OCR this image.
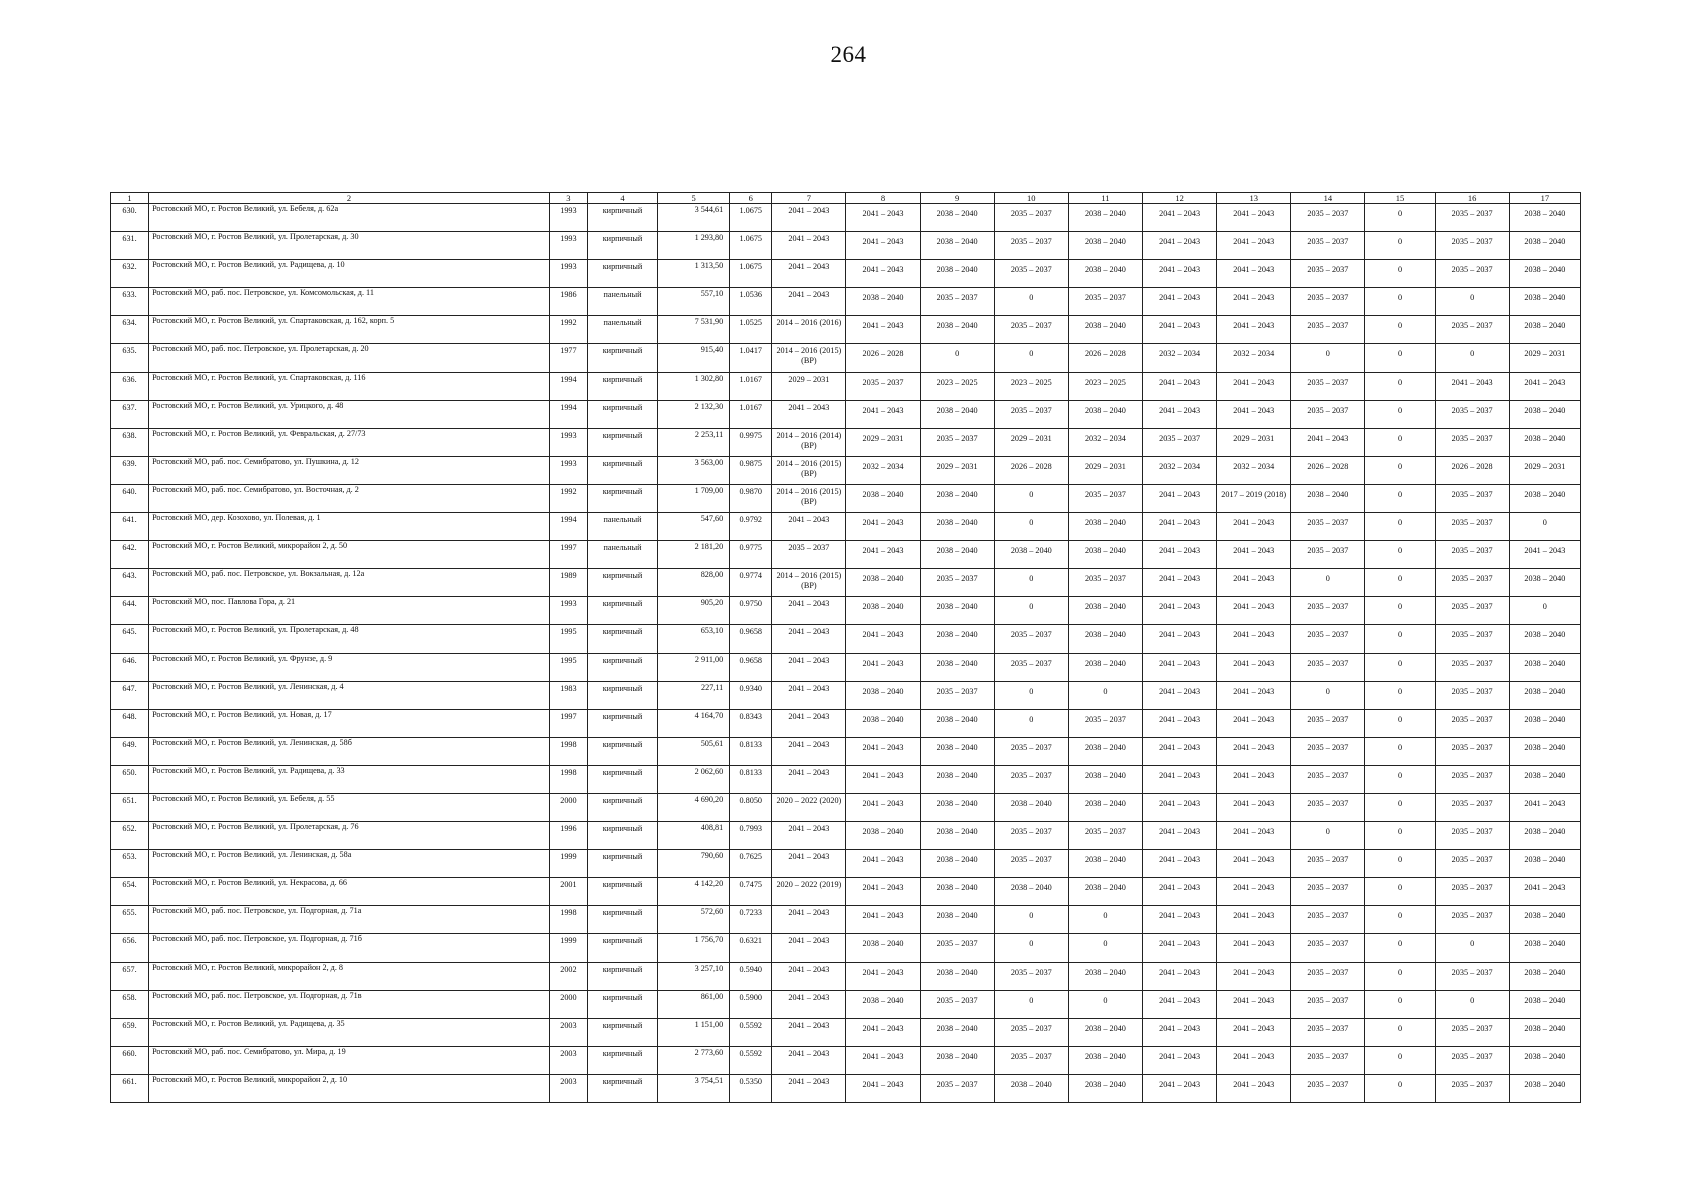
264
1	2	3	4	5	6	7	8	9	10	11	12	13	14	15	16	17
630.	Ростовский МО, г. Ростов Великий, ул. Бебеля, д. 62а	1993	кирпичный	3 544,61	1.0675	2041 – 2043	2041 – 2043	2038 – 2040	2035 – 2037	2038 – 2040	2041 – 2043	2041 – 2043	2035 – 2037	0	2035 – 2037	2038 – 2040
631.	Ростовский МО, г. Ростов Великий, ул. Пролетарская, д. 30	1993	кирпичный	1 293,80	1.0675	2041 – 2043	2041 – 2043	2038 – 2040	2035 – 2037	2038 – 2040	2041 – 2043	2041 – 2043	2035 – 2037	0	2035 – 2037	2038 – 2040
632.	Ростовский МО, г. Ростов Великий, ул. Радищева, д. 10	1993	кирпичный	1 313,50	1.0675	2041 – 2043	2041 – 2043	2038 – 2040	2035 – 2037	2038 – 2040	2041 – 2043	2041 – 2043	2035 – 2037	0	2035 – 2037	2038 – 2040
633.	Ростовский МО, раб. пос. Петровское, ул. Комсомольская, д. 11	1986	панельный	557,10	1.0536	2041 – 2043	2038 – 2040	2035 – 2037	0	2035 – 2037	2041 – 2043	2041 – 2043	2035 – 2037	0	0	2038 – 2040
634.	Ростовский МО, г. Ростов Великий, ул. Спартаковская, д. 162, корп. 5	1992	панельный	7 531,90	1.0525	2014 – 2016 (2016)	2041 – 2043	2038 – 2040	2035 – 2037	2038 – 2040	2041 – 2043	2041 – 2043	2035 – 2037	0	2035 – 2037	2038 – 2040
635.	Ростовский МО, раб. пос. Петровское, ул. Пролетарская, д. 20	1977	кирпичный	915,40	1.0417	2014 – 2016 (2015) (ВР)	2026 – 2028	0	0	2026 – 2028	2032 – 2034	2032 – 2034	0	0	0	2029 – 2031
636.	Ростовский МО, г. Ростов Великий, ул. Спартаковская, д. 116	1994	кирпичный	1 302,80	1.0167	2029 – 2031	2035 – 2037	2023 – 2025	2023 – 2025	2023 – 2025	2041 – 2043	2041 – 2043	2035 – 2037	0	2041 – 2043	2041 – 2043
637.	Ростовский МО, г. Ростов Великий, ул. Урицкого, д. 48	1994	кирпичный	2 132,30	1.0167	2041 – 2043	2041 – 2043	2038 – 2040	2035 – 2037	2038 – 2040	2041 – 2043	2041 – 2043	2035 – 2037	0	2035 – 2037	2038 – 2040
638.	Ростовский МО, г. Ростов Великий, ул. Февральская, д. 27/73	1993	кирпичный	2 253,11	0.9975	2014 – 2016 (2014) (ВР)	2029 – 2031	2035 – 2037	2029 – 2031	2032 – 2034	2035 – 2037	2029 – 2031	2041 – 2043	0	2035 – 2037	2038 – 2040
639.	Ростовский МО, раб. пос. Семибратово, ул. Пушкина, д. 12	1993	кирпичный	3 563,00	0.9875	2014 – 2016 (2015) (ВР)	2032 – 2034	2029 – 2031	2026 – 2028	2029 – 2031	2032 – 2034	2032 – 2034	2026 – 2028	0	2026 – 2028	2029 – 2031
640.	Ростовский МО, раб. пос. Семибратово, ул. Восточная, д. 2	1992	кирпичный	1 709,00	0.9870	2014 – 2016 (2015) (ВР)	2038 – 2040	2038 – 2040	0	2035 – 2037	2041 – 2043	2017 – 2019 (2018)	2038 – 2040	0	2035 – 2037	2038 – 2040
641.	Ростовский МО, дер. Козохово, ул. Полевая, д. 1	1994	панельный	547,60	0.9792	2041 – 2043	2041 – 2043	2038 – 2040	0	2038 – 2040	2041 – 2043	2041 – 2043	2035 – 2037	0	2035 – 2037	0
642.	Ростовский МО, г. Ростов Великий, микрорайон 2, д. 50	1997	панельный	2 181,20	0.9775	2035 – 2037	2041 – 2043	2038 – 2040	2038 – 2040	2038 – 2040	2041 – 2043	2041 – 2043	2035 – 2037	0	2035 – 2037	2041 – 2043
643.	Ростовский МО, раб. пос. Петровское, ул. Вокзальная, д. 12а	1989	кирпичный	828,00	0.9774	2014 – 2016 (2015) (ВР)	2038 – 2040	2035 – 2037	0	2035 – 2037	2041 – 2043	2041 – 2043	0	0	2035 – 2037	2038 – 2040
644.	Ростовский МО, пос. Павлова Гора, д. 21	1993	кирпичный	905,20	0.9750	2041 – 2043	2038 – 2040	2038 – 2040	0	2038 – 2040	2041 – 2043	2041 – 2043	2035 – 2037	0	2035 – 2037	0
645.	Ростовский МО, г. Ростов Великий, ул. Пролетарская, д. 48	1995	кирпичный	653,10	0.9658	2041 – 2043	2041 – 2043	2038 – 2040	2035 – 2037	2038 – 2040	2041 – 2043	2041 – 2043	2035 – 2037	0	2035 – 2037	2038 – 2040
646.	Ростовский МО, г. Ростов Великий, ул. Фрунзе, д. 9	1995	кирпичный	2 911,00	0.9658	2041 – 2043	2041 – 2043	2038 – 2040	2035 – 2037	2038 – 2040	2041 – 2043	2041 – 2043	2035 – 2037	0	2035 – 2037	2038 – 2040
647.	Ростовский МО, г. Ростов Великий, ул. Ленинская, д. 4	1983	кирпичный	227,11	0.9340	2041 – 2043	2038 – 2040	2035 – 2037	0	0	2041 – 2043	2041 – 2043	0	0	2035 – 2037	2038 – 2040
648.	Ростовский МО, г. Ростов Великий, ул. Новая, д. 17	1997	кирпичный	4 164,70	0.8343	2041 – 2043	2038 – 2040	2038 – 2040	0	2035 – 2037	2041 – 2043	2041 – 2043	2035 – 2037	0	2035 – 2037	2038 – 2040
649.	Ростовский МО, г. Ростов Великий, ул. Ленинская, д. 58б	1998	кирпичный	505,61	0.8133	2041 – 2043	2041 – 2043	2038 – 2040	2035 – 2037	2038 – 2040	2041 – 2043	2041 – 2043	2035 – 2037	0	2035 – 2037	2038 – 2040
650.	Ростовский МО, г. Ростов Великий, ул. Радищева, д. 33	1998	кирпичный	2 062,60	0.8133	2041 – 2043	2041 – 2043	2038 – 2040	2035 – 2037	2038 – 2040	2041 – 2043	2041 – 2043	2035 – 2037	0	2035 – 2037	2038 – 2040
651.	Ростовский МО, г. Ростов Великий, ул. Бебеля, д. 55	2000	кирпичный	4 690,20	0.8050	2020 – 2022 (2020)	2041 – 2043	2038 – 2040	2038 – 2040	2038 – 2040	2041 – 2043	2041 – 2043	2035 – 2037	0	2035 – 2037	2041 – 2043
652.	Ростовский МО, г. Ростов Великий, ул. Пролетарская, д. 76	1996	кирпичный	408,81	0.7993	2041 – 2043	2038 – 2040	2038 – 2040	2035 – 2037	2035 – 2037	2041 – 2043	2041 – 2043	0	0	2035 – 2037	2038 – 2040
653.	Ростовский МО, г. Ростов Великий, ул. Ленинская, д. 58а	1999	кирпичный	790,60	0.7625	2041 – 2043	2041 – 2043	2038 – 2040	2035 – 2037	2038 – 2040	2041 – 2043	2041 – 2043	2035 – 2037	0	2035 – 2037	2038 – 2040
654.	Ростовский МО, г. Ростов Великий, ул. Некрасова, д. 66	2001	кирпичный	4 142,20	0.7475	2020 – 2022 (2019)	2041 – 2043	2038 – 2040	2038 – 2040	2038 – 2040	2041 – 2043	2041 – 2043	2035 – 2037	0	2035 – 2037	2041 – 2043
655.	Ростовский МО, раб. пос. Петровское, ул. Подгорная, д. 71а	1998	кирпичный	572,60	0.7233	2041 – 2043	2041 – 2043	2038 – 2040	0	0	2041 – 2043	2041 – 2043	2035 – 2037	0	2035 – 2037	2038 – 2040
656.	Ростовский МО, раб. пос. Петровское, ул. Подгорная, д. 71б	1999	кирпичный	1 756,70	0.6321	2041 – 2043	2038 – 2040	2035 – 2037	0	0	2041 – 2043	2041 – 2043	2035 – 2037	0	0	2038 – 2040
657.	Ростовский МО, г. Ростов Великий, микрорайон 2, д. 8	2002	кирпичный	3 257,10	0.5940	2041 – 2043	2041 – 2043	2038 – 2040	2035 – 2037	2038 – 2040	2041 – 2043	2041 – 2043	2035 – 2037	0	2035 – 2037	2038 – 2040
658.	Ростовский МО, раб. пос. Петровское, ул. Подгорная, д. 71в	2000	кирпичный	861,00	0.5900	2041 – 2043	2038 – 2040	2035 – 2037	0	0	2041 – 2043	2041 – 2043	2035 – 2037	0	0	2038 – 2040
659.	Ростовский МО, г. Ростов Великий, ул. Радищева, д. 35	2003	кирпичный	1 151,00	0.5592	2041 – 2043	2041 – 2043	2038 – 2040	2035 – 2037	2038 – 2040	2041 – 2043	2041 – 2043	2035 – 2037	0	2035 – 2037	2038 – 2040
660.	Ростовский МО, раб. пос. Семибратово, ул. Мира, д. 19	2003	кирпичный	2 773,60	0.5592	2041 – 2043	2041 – 2043	2038 – 2040	2035 – 2037	2038 – 2040	2041 – 2043	2041 – 2043	2035 – 2037	0	2035 – 2037	2038 – 2040
661.	Ростовский МО, г. Ростов Великий, микрорайон 2, д. 10	2003	кирпичный	3 754,51	0.5350	2041 – 2043	2041 – 2043	2035 – 2037	2038 – 2040	2038 – 2040	2041 – 2043	2041 – 2043	2035 – 2037	0	2035 – 2037	2038 – 2040
